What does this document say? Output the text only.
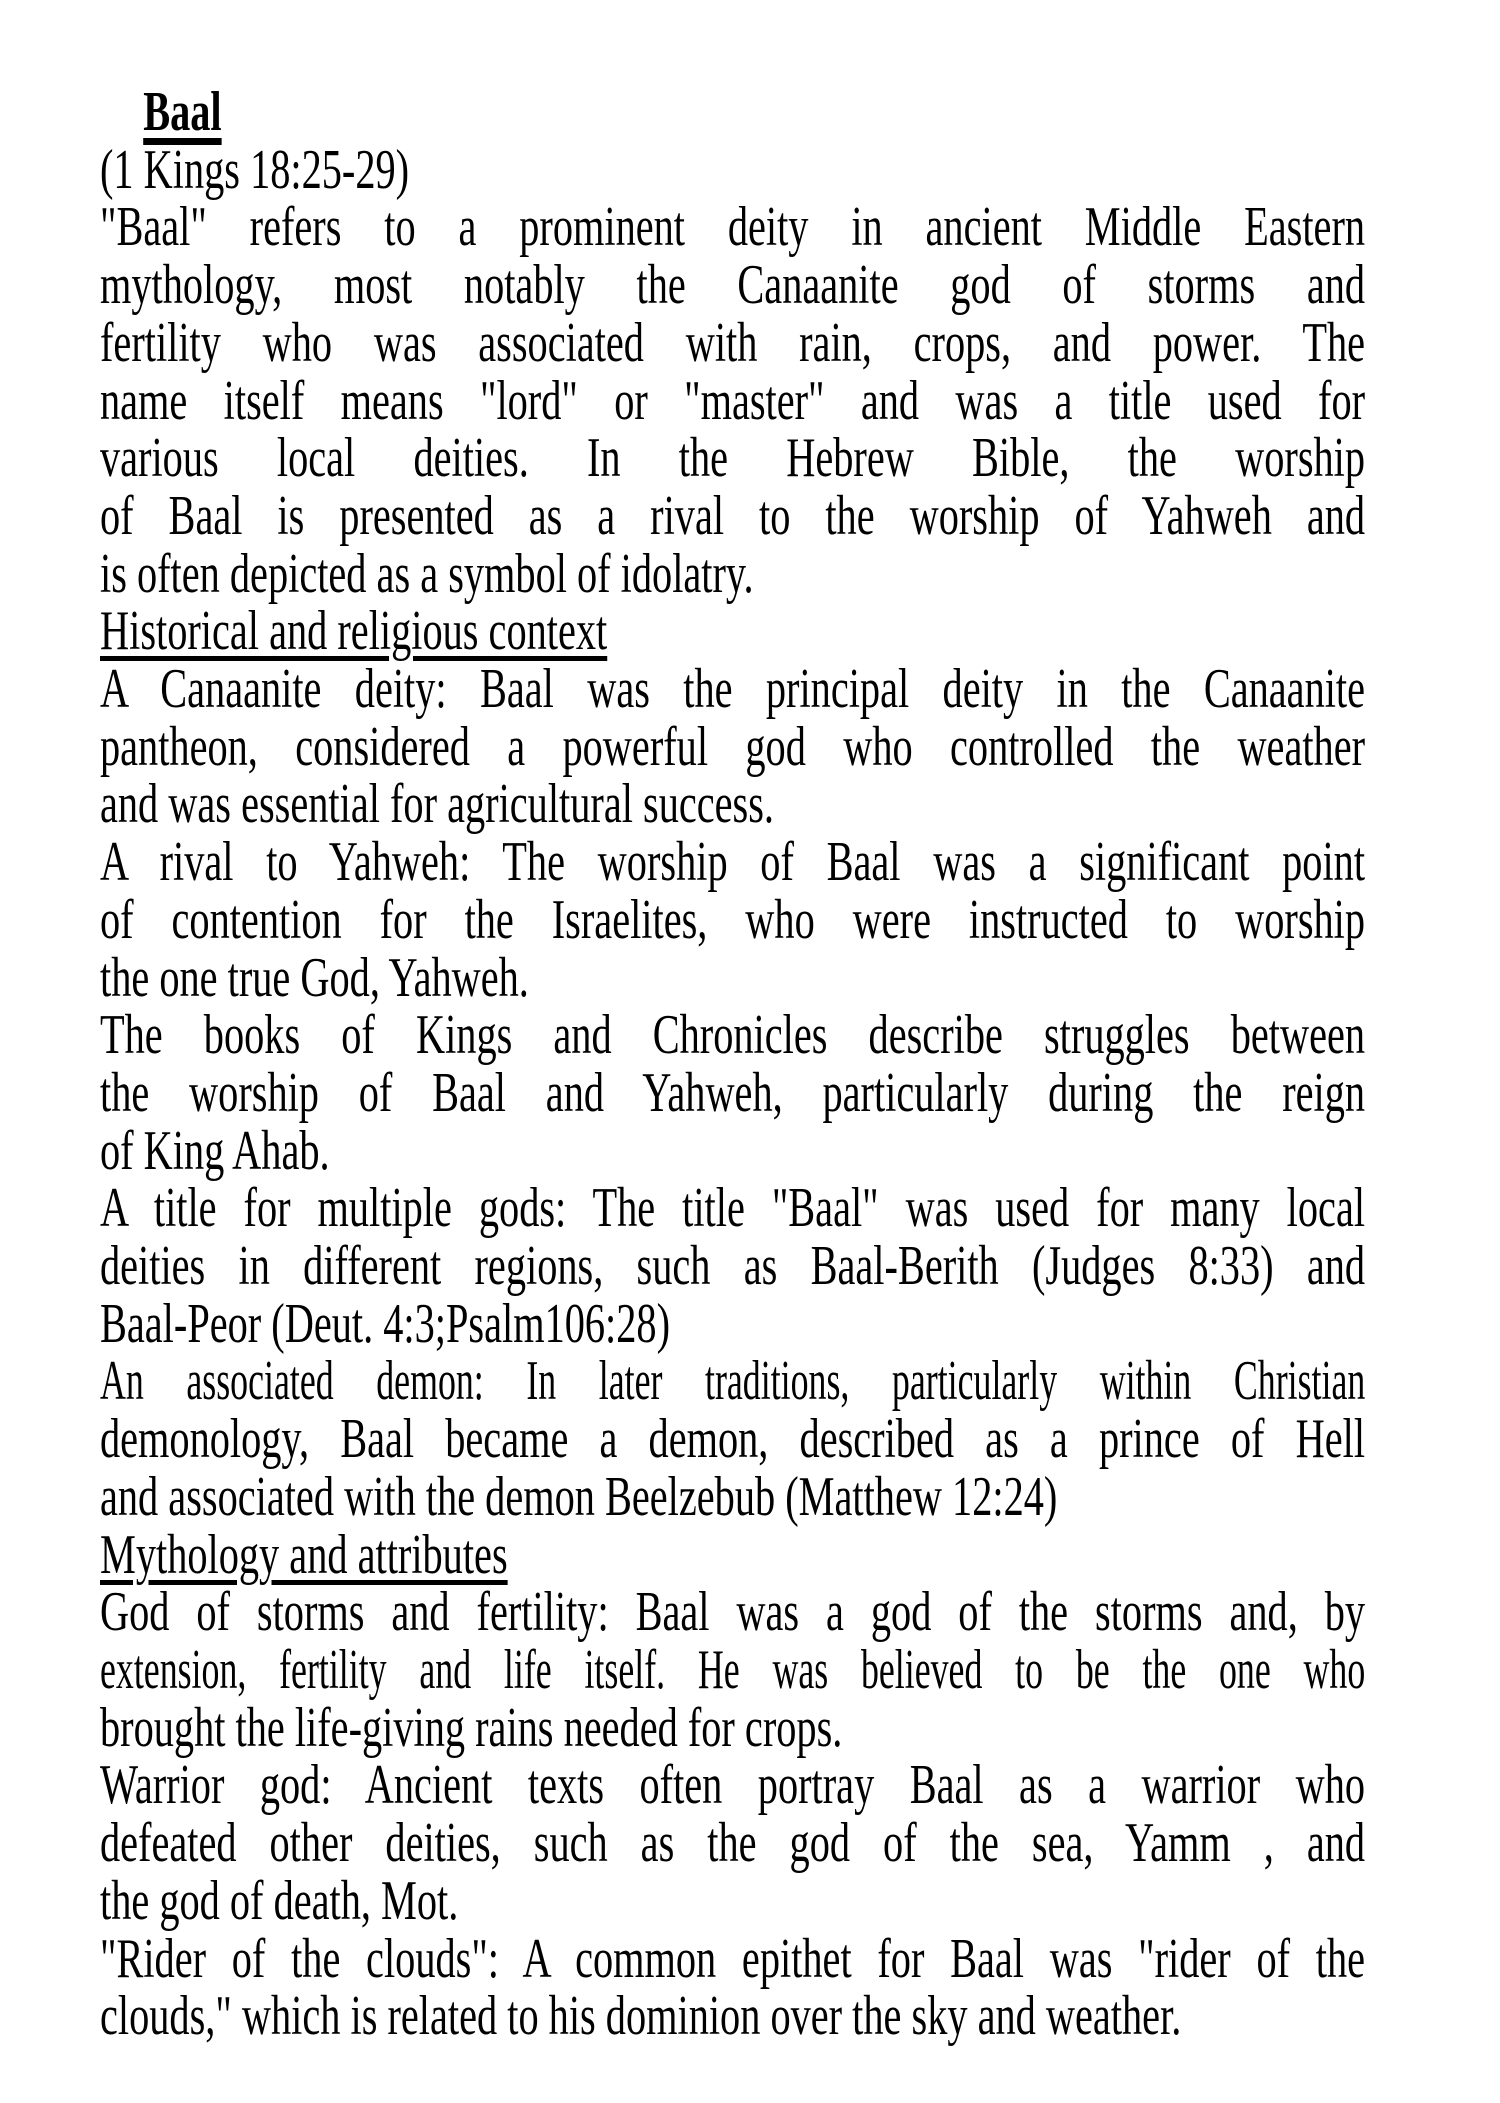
Baal
(1 Kings 18:25-29)
"Baal" refers to a prominent deity in ancient Middle Eastern
mythology, most notably the Canaanite god of storms and
fertility who was associated with rain, crops, and power. The
name itself means "lord" or "master" and was a title used for
various local deities. In the Hebrew Bible, the worship
of Baal is presented as a rival to the worship of Yahweh and
is often depicted as a symbol of idolatry.
Historical and religious context
A Canaanite deity: Baal was the principal deity in the Canaanite
pantheon, considered a powerful god who controlled the weather
and was essential for agricultural success.
A rival to Yahweh: The worship of Baal was a significant point
of contention for the Israelites, who were instructed to worship
the one true God, Yahweh.
The books of Kings and Chronicles describe struggles between
the worship of Baal and Yahweh, particularly during the reign
of King Ahab.
A title for multiple gods: The title "Baal" was used for many local
deities in different regions, such as Baal-Berith (Judges 8:33) and
Baal-Peor (Deut. 4:3;Psalm106:28)
An associated demon: In later traditions, particularly within Christian
demonology, Baal became a demon, described as a prince of Hell
and associated with the demon Beelzebub (Matthew 12:24)
Mythology and attributes
God of storms and fertility: Baal was a god of the storms and, by
extension, fertility and life itself. He was believed to be the one who
brought the life-giving rains needed for crops.
Warrior god: Ancient texts often portray Baal as a warrior who
defeated other deities, such as the god of the sea, Yamm , and
the god of death, Mot.
"Rider of the clouds": A common epithet for Baal was "rider of the
clouds," which is related to his dominion over the sky and weather.
